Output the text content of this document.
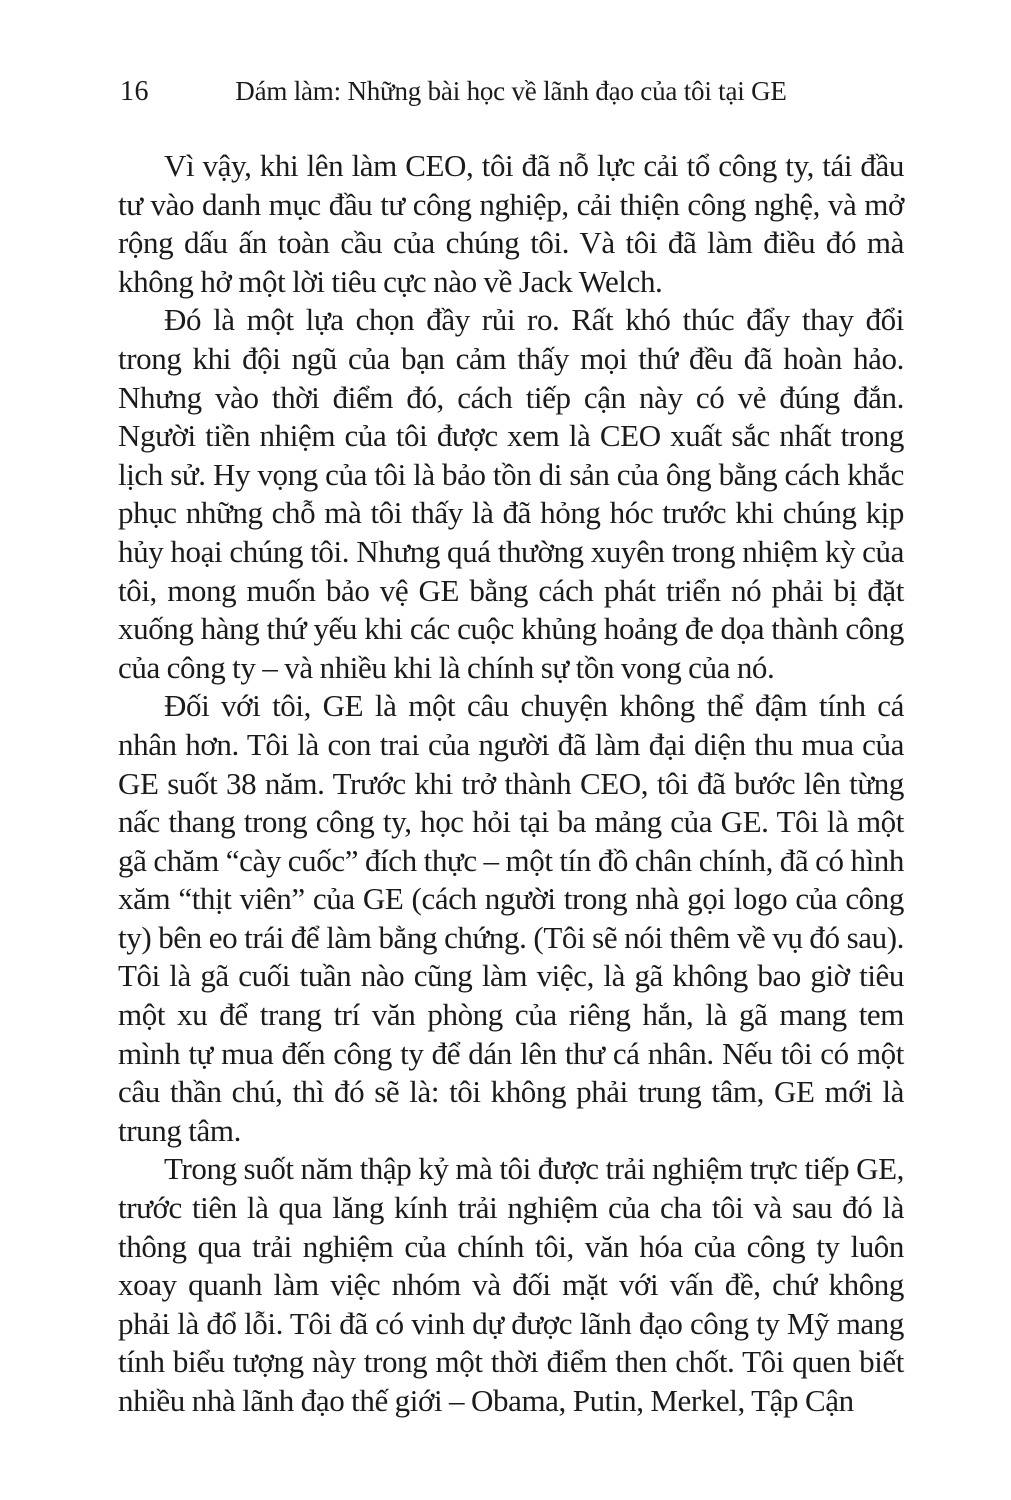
16	Dám làm: Những bài học về lãnh đạo của tôi tại GE

Vì vậy, khi lên làm CEO, tôi đã nỗ lực cải tổ công ty, tái đầu tư vào danh mục đầu tư công nghiệp, cải thiện công nghệ, và mở rộng dấu ấn toàn cầu của chúng tôi. Và tôi đã làm điều đó mà không hở một lời tiêu cực nào về Jack Welch.

Đó là một lựa chọn đầy rủi ro. Rất khó thúc đẩy thay đổi trong khi đội ngũ của bạn cảm thấy mọi thứ đều đã hoàn hảo. Nhưng vào thời điểm đó, cách tiếp cận này có vẻ đúng đắn. Người tiền nhiệm của tôi được xem là CEO xuất sắc nhất trong lịch sử. Hy vọng của tôi là bảo tồn di sản của ông bằng cách khắc phục những chỗ mà tôi thấy là đã hỏng hóc trước khi chúng kịp hủy hoại chúng tôi. Nhưng quá thường xuyên trong nhiệm kỳ của tôi, mong muốn bảo vệ GE bằng cách phát triển nó phải bị đặt xuống hàng thứ yếu khi các cuộc khủng hoảng đe dọa thành công của công ty – và nhiều khi là chính sự tồn vong của nó.

Đối với tôi, GE là một câu chuyện không thể đậm tính cá nhân hơn. Tôi là con trai của người đã làm đại diện thu mua của GE suốt 38 năm. Trước khi trở thành CEO, tôi đã bước lên từng nấc thang trong công ty, học hỏi tại ba mảng của GE. Tôi là một gã chăm “cày cuốc” đích thực – một tín đồ chân chính, đã có hình xăm “thịt viên” của GE (cách người trong nhà gọi logo của công ty) bên eo trái để làm bằng chứng. (Tôi sẽ nói thêm về vụ đó sau). Tôi là gã cuối tuần nào cũng làm việc, là gã không bao giờ tiêu một xu để trang trí văn phòng của riêng hắn, là gã mang tem mình tự mua đến công ty để dán lên thư cá nhân. Nếu tôi có một câu thần chú, thì đó sẽ là: tôi không phải trung tâm, GE mới là trung tâm.

Trong suốt năm thập kỷ mà tôi được trải nghiệm trực tiếp GE, trước tiên là qua lăng kính trải nghiệm của cha tôi và sau đó là thông qua trải nghiệm của chính tôi, văn hóa của công ty luôn xoay quanh làm việc nhóm và đối mặt với vấn đề, chứ không phải là đổ lỗi. Tôi đã có vinh dự được lãnh đạo công ty Mỹ mang tính biểu tượng này trong một thời điểm then chốt. Tôi quen biết nhiều nhà lãnh đạo thế giới – Obama, Putin, Merkel, Tập Cận
